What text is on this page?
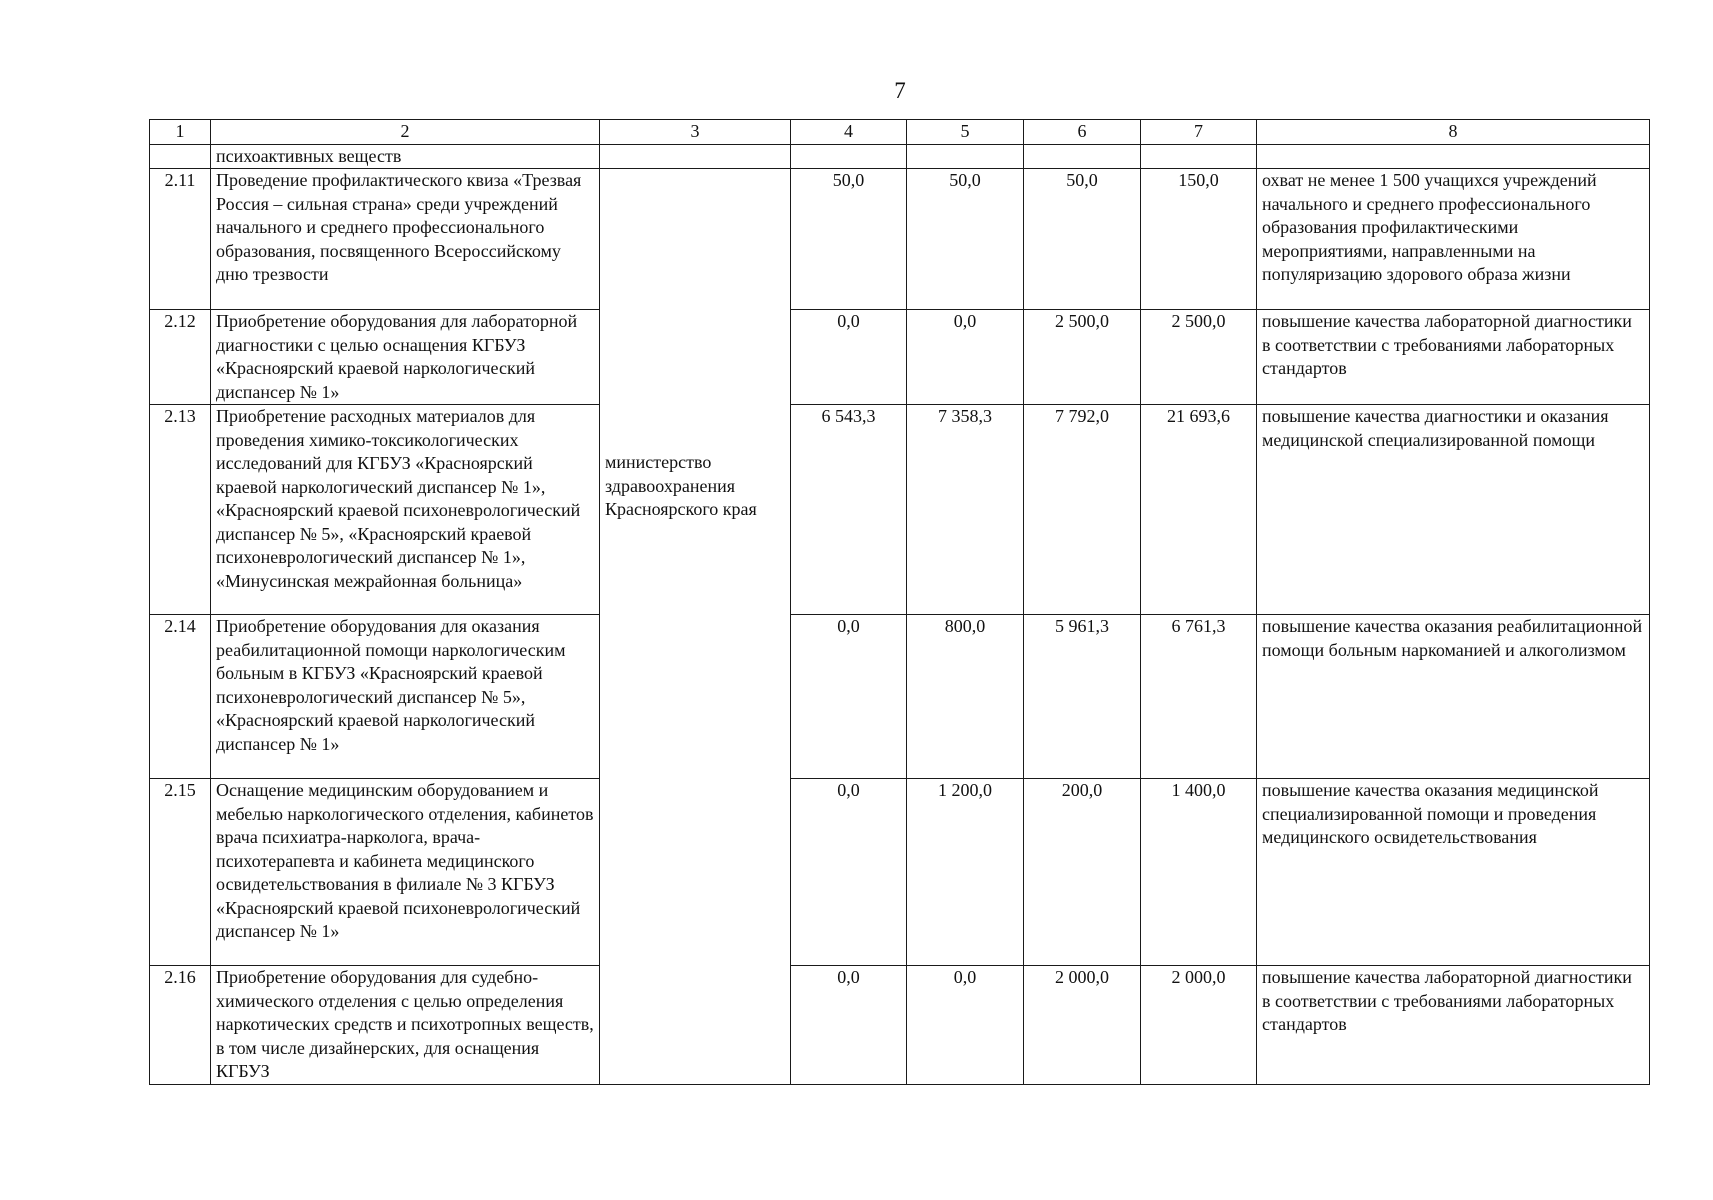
7
1	2	3	4	5	6	7	8
	психоактивных веществ						
2.11	Проведение профилактического квиза «Трезвая Россия – сильная страна» среди учреждений начального и среднего профессионального образования, посвященного Всероссийскому дню трезвости	министерство здравоохранения Красноярского края	50,0	50,0	50,0	150,0	охват не менее 1 500 учащихся учреждений начального и среднего профессионального образования профилактическими мероприятиями, направленными на популяризацию здорового образа жизни
2.12	Приобретение оборудования для лабораторной диагностики с целью оснащения КГБУЗ «Красноярский краевой наркологический диспансер № 1»		0,0	0,0	2 500,0	2 500,0	повышение качества лабораторной диагностики в соответствии с требованиями лабораторных стандартов
2.13	Приобретение расходных материалов для проведения химико-токсикологических исследований для КГБУЗ «Красноярский краевой наркологический диспансер № 1», «Красноярский краевой психоневрологический диспансер № 5», «Красноярский краевой психоневрологический диспансер № 1», «Минусинская межрайонная больница»		6 543,3	7 358,3	7 792,0	21 693,6	повышение качества диагностики и оказания медицинской специализированной помощи
2.14	Приобретение оборудования для оказания реабилитационной помощи наркологическим больным в КГБУЗ «Красноярский краевой психоневрологический диспансер № 5», «Красноярский краевой наркологический диспансер № 1»		0,0	800,0	5 961,3	6 761,3	повышение качества оказания реабилитационной помощи больным наркоманией и алкоголизмом
2.15	Оснащение медицинским оборудованием и мебелью наркологического отделения, кабинетов врача психиатра-нарколога, врача-психотерапевта и кабинета медицинского освидетельствования в филиале № 3 КГБУЗ «Красноярский краевой психоневрологический диспансер № 1»		0,0	1 200,0	200,0	1 400,0	повышение качества оказания медицинской специализированной помощи и проведения медицинского освидетельствования
2.16	Приобретение оборудования для судебно-химического отделения с целью определения наркотических средств и психотропных веществ, в том числе дизайнерских, для оснащения КГБУЗ		0,0	0,0	2 000,0	2 000,0	повышение качества лабораторной диагностики в соответствии с требованиями лабораторных стандартов
